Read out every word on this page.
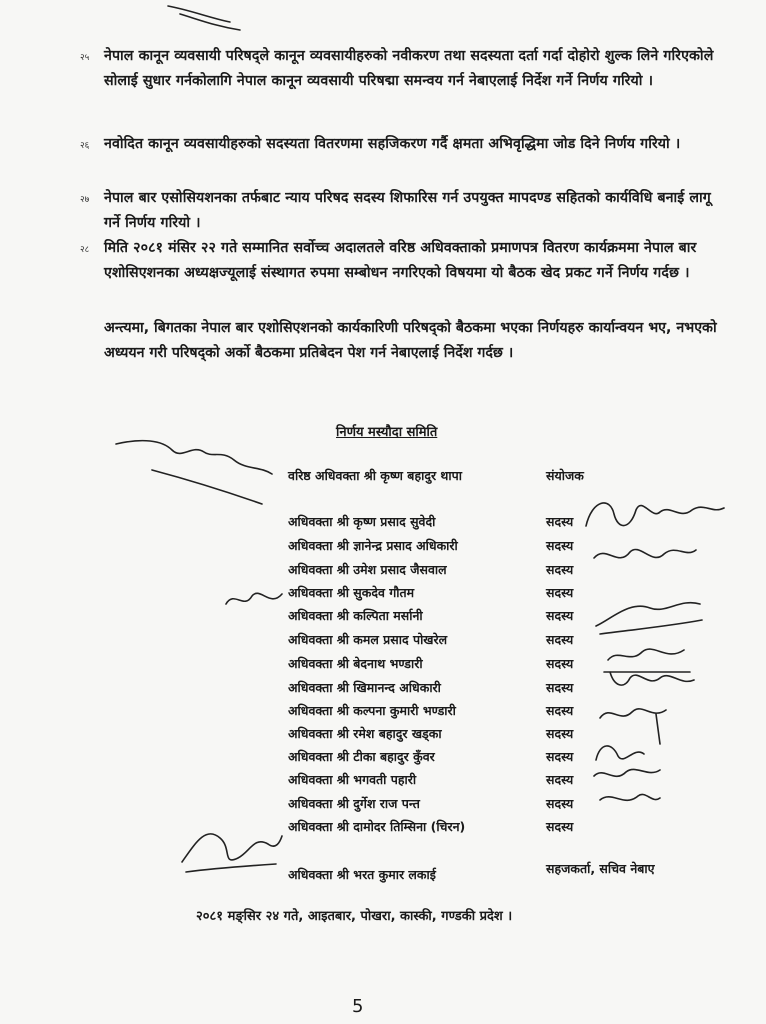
२५ नेपाल कानून व्यवसायी परिषद्ले कानून व्यवसायीहरुको नवीकरण तथा सदस्यता दर्ता गर्दा दोहोरो शुल्क लिने गरिएकोले सोलाई सुधार गर्नकोलागि नेपाल कानून व्यवसायी परिषद्मा समन्वय गर्न नेबाएलाई निर्देश गर्ने निर्णय गरियो ।

२६ नवोदित कानून व्यवसायीहरुको सदस्यता वितरणमा सहजिकरण गर्दै क्षमता अभिवृद्धिमा जोड दिने निर्णय गरियो ।

२७ नेपाल बार एसोसियशनका तर्फबाट न्याय परिषद सदस्य शिफारिस गर्न उपयुक्त मापदण्ड सहितको कार्यविधि बनाई लागू गर्ने निर्णय गरियो ।

२८ मिति २०८१ मंसिर २२ गते सम्मानित सर्वोच्च अदालतले वरिष्ठ अधिवक्ताको प्रमाणपत्र वितरण कार्यक्रममा नेपाल बार एशोसिएशनका अध्यक्षज्यूलाई संस्थागत रुपमा सम्बोधन नगरिएको विषयमा यो बैठक खेद प्रकट गर्ने निर्णय गर्दछ ।

अन्त्यमा, बिगतका नेपाल बार एशोसिएशनको कार्यकारिणी परिषद्को बैठकमा भएका निर्णयहरु कार्यान्वयन भए, नभएको अध्ययन गरी परिषद्को अर्को बैठकमा प्रतिबेदन पेश गर्न नेबाएलाई निर्देश गर्दछ ।

निर्णय मस्यौदा समिति
वरिष्ठ अधिवक्ता श्री कृष्ण बहादुर थापा	संयोजक
अधिवक्ता श्री कृष्ण प्रसाद सुवेदी	सदस्य
अधिवक्ता श्री ज्ञानेन्द्र प्रसाद अधिकारी	सदस्य
अधिवक्ता श्री उमेश प्रसाद जैसवाल	सदस्य
अधिवक्ता श्री सुकदेव गौतम	सदस्य
अधिवक्ता श्री कल्पिता मर्सानी	सदस्य
अधिवक्ता श्री कमल प्रसाद पोखरेल	सदस्य
अधिवक्ता श्री बेदनाथ भण्डारी	सदस्य
अधिवक्ता श्री खिमानन्द अधिकारी	सदस्य
अधिवक्ता श्री कल्पना कुमारी भण्डारी	सदस्य
अधिवक्ता श्री रमेश बहादुर खड्का	सदस्य
अधिवक्ता श्री टीका बहादुर कुँवर	सदस्य
अधिवक्ता श्री भगवती पहारी	सदस्य
अधिवक्ता श्री दुर्गेश राज पन्त	सदस्य
अधिवक्ता श्री दामोदर तिम्सिना (चिरन)	सदस्य
अधिवक्ता श्री भरत कुमार लकाई	सहजकर्ता, सचिव नेबाए
२०८१ मङ्सिर २४ गते, आइतबार, पोखरा, कास्की, गण्डकी प्रदेश ।
5
